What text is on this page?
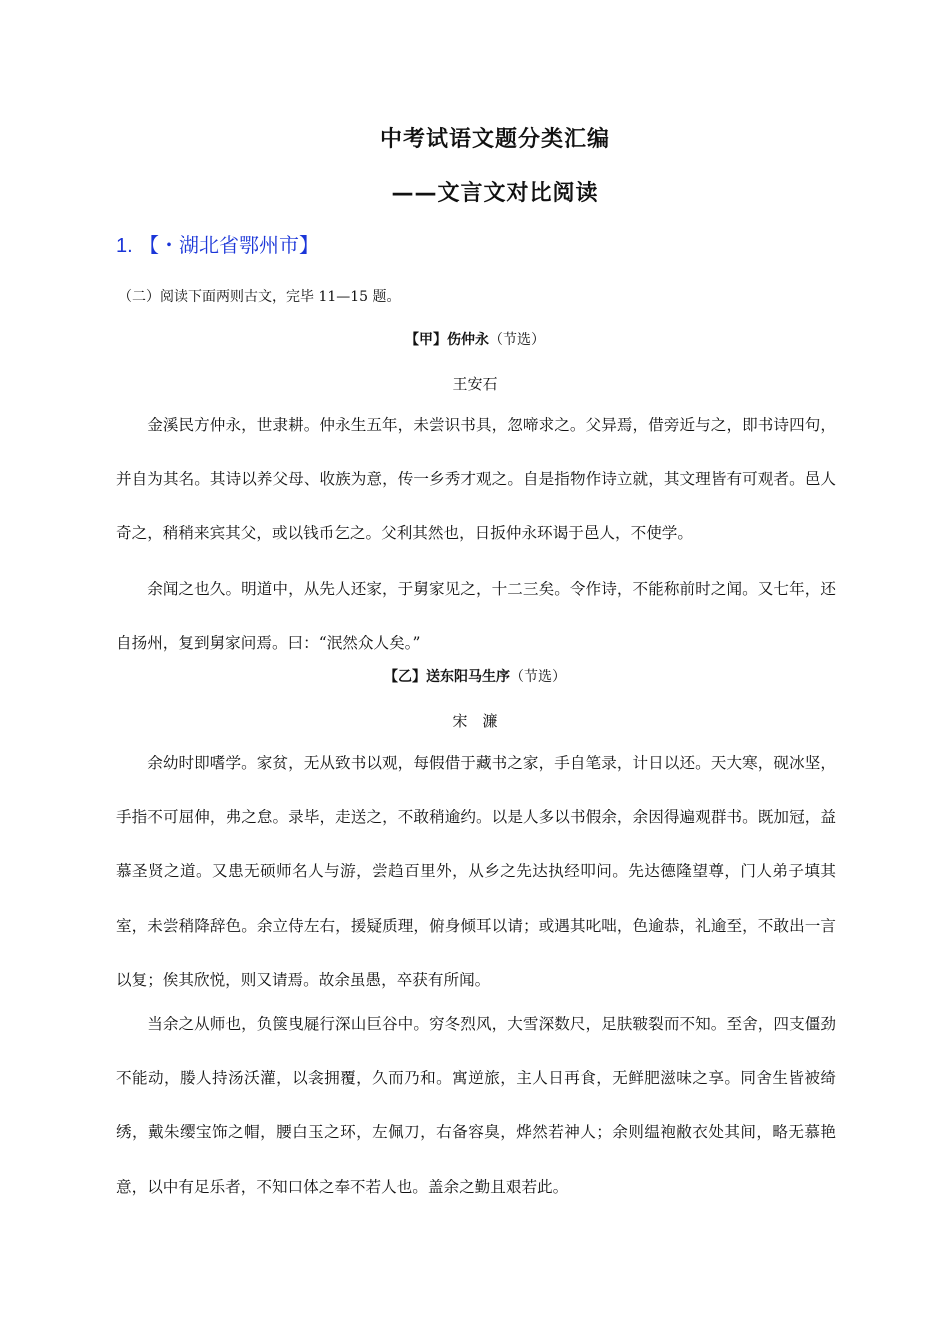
中考试语文题分类汇编
——文言文对比阅读

1. 【・湖北省鄂州市】

（二）阅读下面两则古文，完毕 11—15 题。

【甲】伤仲永（节选）

王安石

金溪民方仲永，世隶耕。仲永生五年，未尝识书具，忽啼求之。父异焉，借旁近与之，即书诗四句，并自为其名。其诗以养父母、收族为意，传一乡秀才观之。自是指物作诗立就，其文理皆有可观者。邑人奇之，稍稍来宾其父，或以钱币乞之。父利其然也，日扳仲永环谒于邑人，不使学。

余闻之也久。明道中，从先人还家，于舅家见之，十二三矣。令作诗，不能称前时之闻。又七年，还自扬州，复到舅家问焉。曰：“泯然众人矣。”

【乙】送东阳马生序（节选）

宋　濂

余幼时即嗜学。家贫，无从致书以观，每假借于藏书之家，手自笔录，计日以还。天大寒，砚冰坚，手指不可屈伸，弗之怠。录毕，走送之，不敢稍逾约。以是人多以书假余，余因得遍观群书。既加冠，益慕圣贤之道。又患无硕师名人与游，尝趋百里外，从乡之先达执经叩问。先达德隆望尊，门人弟子填其室，未尝稍降辞色。余立侍左右，援疑质理，俯身倾耳以请；或遇其叱咄，色逾恭，礼逾至，不敢出一言以复；俟其欣悦，则又请焉。故余虽愚，卒获有所闻。

当余之从师也，负箧曳屣行深山巨谷中。穷冬烈风，大雪深数尺，足肤皲裂而不知。至舍，四支僵劲不能动，媵人持汤沃灌，以衾拥覆，久而乃和。寓逆旅，主人日再食，无鲜肥滋味之享。同舍生皆被绮绣，戴朱缨宝饰之帽，腰白玉之环，左佩刀，右备容臭，烨然若神人；余则缊袍敝衣处其间，略无慕艳意，以中有足乐者，不知口体之奉不若人也。盖余之勤且艰若此。
